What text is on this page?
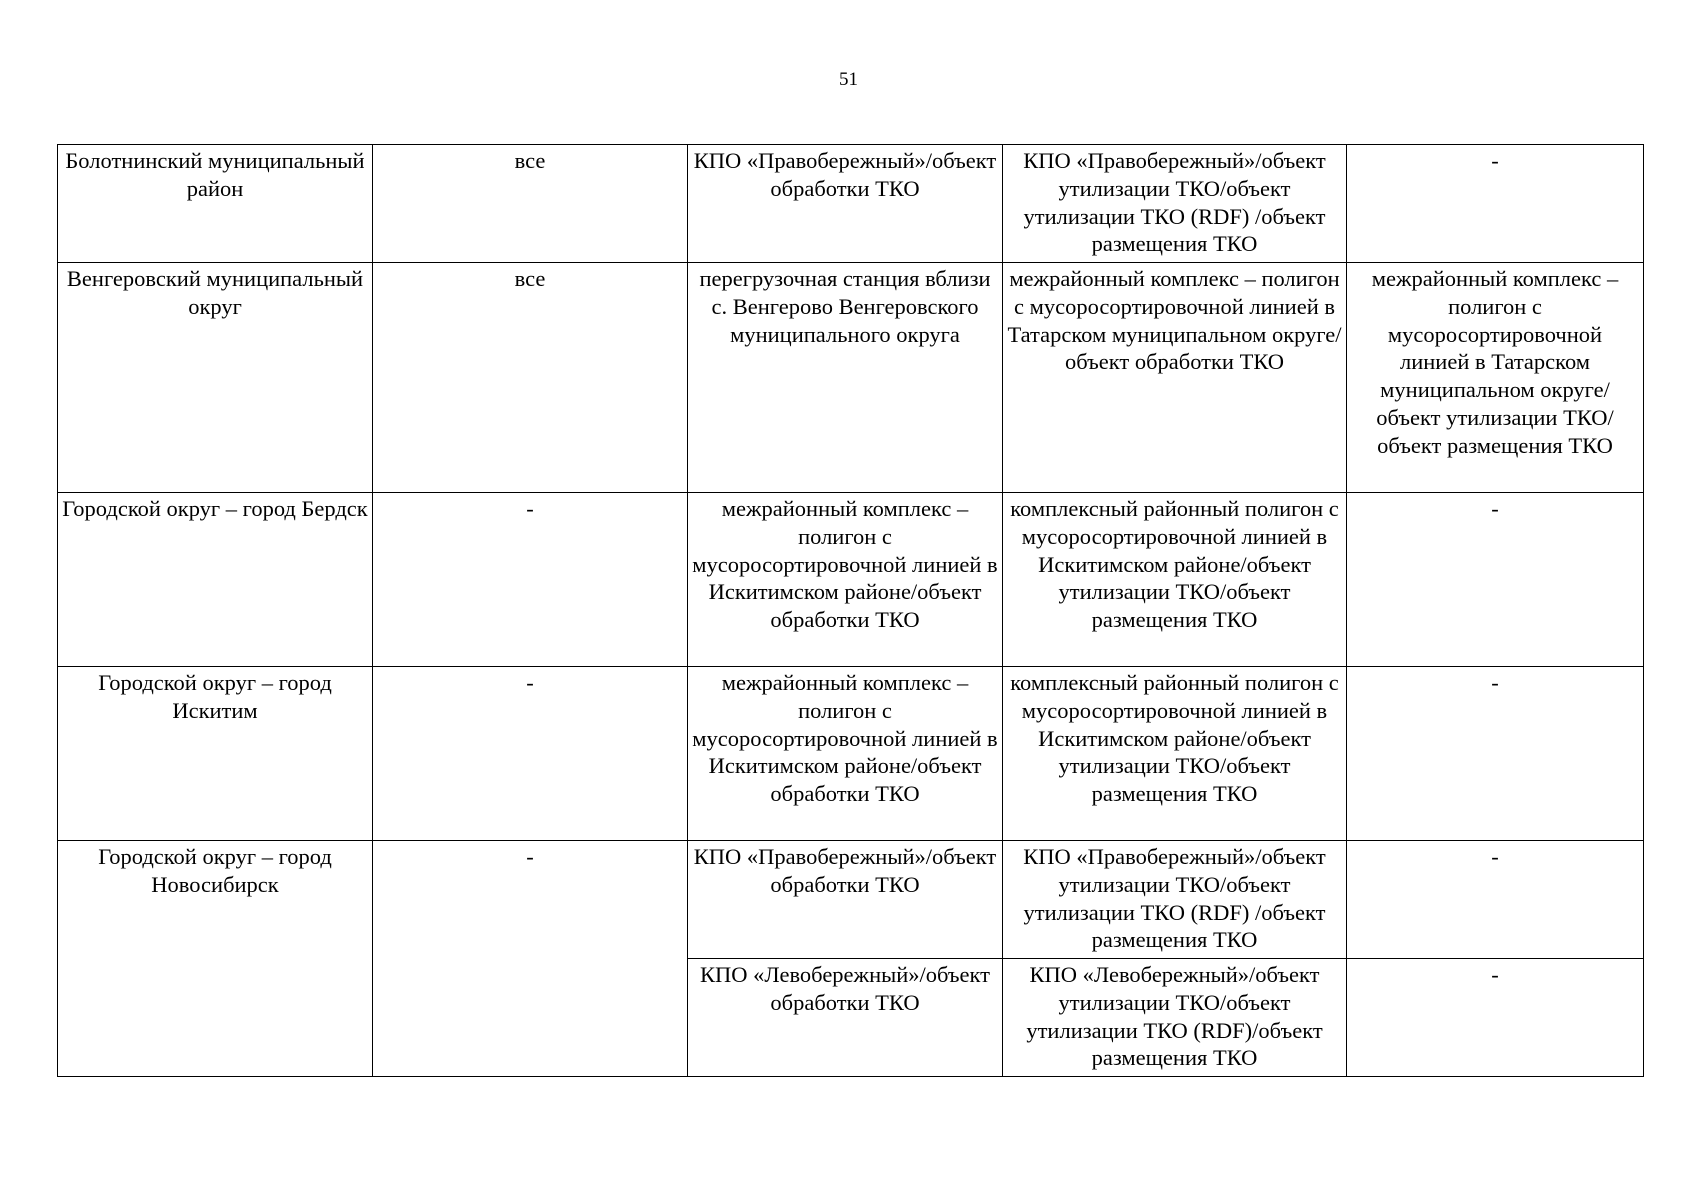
51
Болотнинский муниципальный район	все	КПО «Правобережный»/объект обработки ТКО	КПО «Правобережный»/объект утилизации ТКО/объект утилизации ТКО (RDF) /объект размещения ТКО	-

Венгеровский муниципальный округ	все	перегрузочная станция вблизи с. Венгерово Венгеровского муниципального округа	межрайонный комплекс – полигон с мусоросортировочной линией в Татарском муниципальном округе/объект обработки ТКО	межрайонный комплекс – полигон с мусоросортировочной линией в Татарском муниципальном округе/объект утилизации ТКО/объект размещения ТКО

Городской округ – город Бердск	-	межрайонный комплекс – полигон с мусоросортировочной линией в Искитимском районе/объект обработки ТКО	комплексный районный полигон с мусоросортировочной линией в Искитимском районе/объект утилизации ТКО/объект размещения ТКО	-

Городской округ – город Искитим	-	межрайонный комплекс – полигон с мусоросортировочной линией в Искитимском районе/объект обработки ТКО	комплексный районный полигон с мусоросортировочной линией в Искитимском районе/объект утилизации ТКО/объект размещения ТКО	-

Городской округ – город Новосибирск	-	КПО «Правобережный»/объект обработки ТКО	КПО «Правобережный»/объект утилизации ТКО/объект утилизации ТКО (RDF) /объект размещения ТКО	-

		КПО «Левобережный»/объект обработки ТКО	КПО «Левобережный»/объект утилизации ТКО/объект утилизации ТКО (RDF)/объект размещения ТКО	-
